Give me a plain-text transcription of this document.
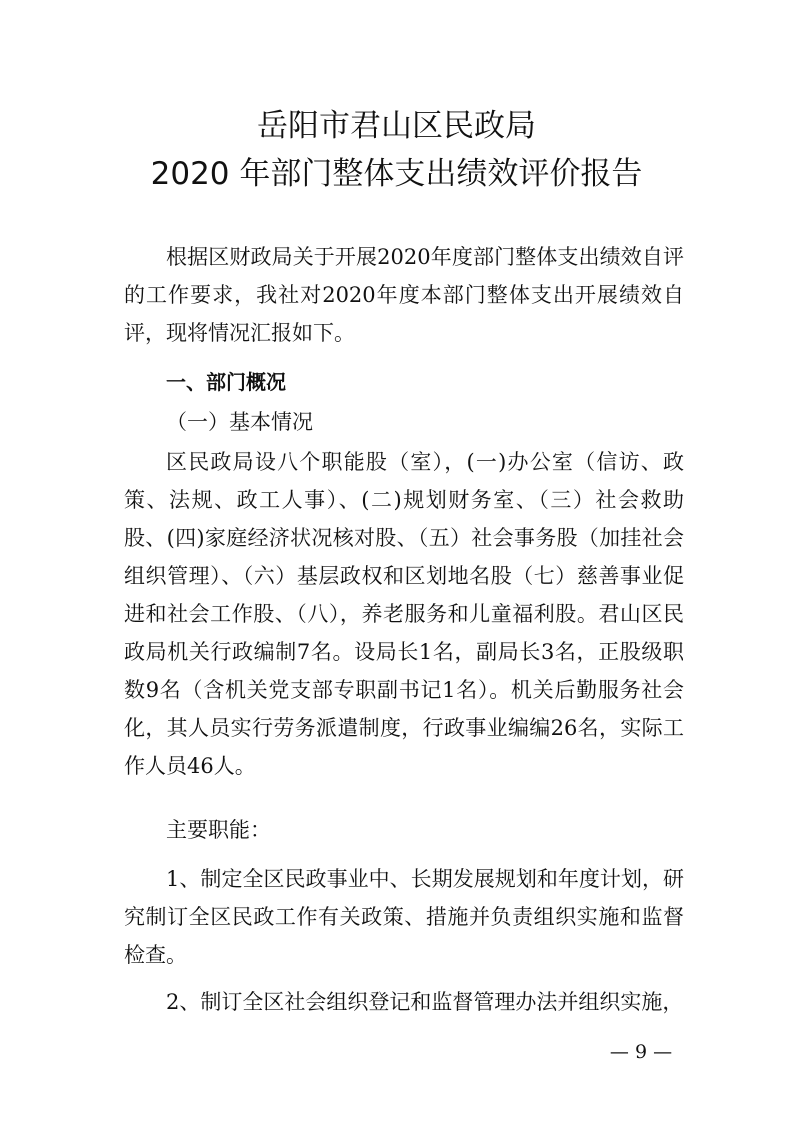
岳阳市君山区民政局
2020 年部门整体支出绩效评价报告
根据区财政局关于开展2020年度部门整体支出绩效自评的工作要求，我社对2020年度本部门整体支出开展绩效自评，现将情况汇报如下。
一、部门概况
（一）基本情况
区民政局设八个职能股（室），(一)办公室（信访、政策、法规、政工人事）、(二)规划财务室、（三）社会救助股、(四)家庭经济状况核对股、（五）社会事务股（加挂社会组织管理）、（六）基层政权和区划地名股（七）慈善事业促进和社会工作股、（八），养老服务和儿童福利股。君山区民政局机关行政编制7名。设局长1名，副局长3名，正股级职数9名（含机关党支部专职副书记1名）。机关后勤服务社会化，其人员实行劳务派遣制度，行政事业编编26名，实际工作人员46人。
主要职能：
1、制定全区民政事业中、长期发展规划和年度计划，研究制订全区民政工作有关政策、措施并负责组织实施和监督检查。
2、制订全区社会组织登记和监督管理办法并组织实施，
— 9 —
